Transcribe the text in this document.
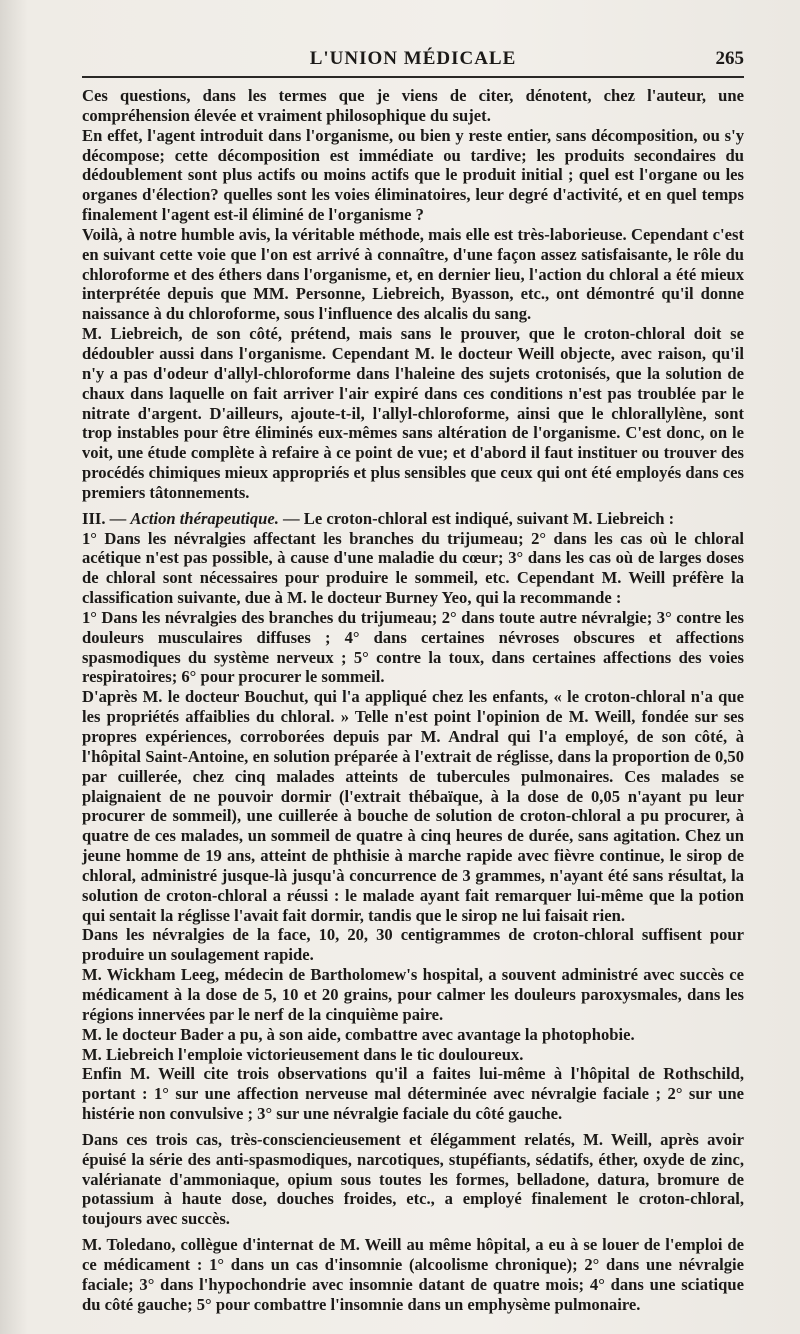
L'UNION MÉDICALE	265

Ces questions, dans les termes que je viens de citer, dénotent, chez l'auteur, une compréhension élevée et vraiment philosophique du sujet.

En effet, l'agent introduit dans l'organisme, ou bien y reste entier, sans décomposition, ou s'y décompose; cette décomposition est immédiate ou tardive; les produits secondaires du dédoublement sont plus actifs ou moins actifs que le produit initial ; quel est l'organe ou les organes d'élection? quelles sont les voies éliminatoires, leur degré d'activité, et en quel temps finalement l'agent est-il éliminé de l'organisme ?

Voilà, à notre humble avis, la véritable méthode, mais elle est très-laborieuse. Cependant c'est en suivant cette voie que l'on est arrivé à connaître, d'une façon assez satisfaisante, le rôle du chloroforme et des éthers dans l'organisme, et, en dernier lieu, l'action du chloral a été mieux interprétée depuis que MM. Personne, Liebreich, Byasson, etc., ont démontré qu'il donne naissance à du chloroforme, sous l'influence des alcalis du sang.

M. Liebreich, de son côté, prétend, mais sans le prouver, que le croton-chloral doit se dédoubler aussi dans l'organisme. Cependant M. le docteur Weill objecte, avec raison, qu'il n'y a pas d'odeur d'allyl-chloroforme dans l'haleine des sujets crotonisés, que la solution de chaux dans laquelle on fait arriver l'air expiré dans ces conditions n'est pas troublée par le nitrate d'argent. D'ailleurs, ajoute-t-il, l'allyl-chloroforme, ainsi que le chlorallylène, sont trop instables pour être éliminés eux-mêmes sans altération de l'organisme. C'est donc, on le voit, une étude complète à refaire à ce point de vue; et d'abord il faut instituer ou trouver des procédés chimiques mieux appropriés et plus sensibles que ceux qui ont été employés dans ces premiers tâtonnements.

III. — Action thérapeutique. — Le croton-chloral est indiqué, suivant M. Liebreich :

1° Dans les névralgies affectant les branches du trijumeau; 2° dans les cas où le chloral acétique n'est pas possible, à cause d'une maladie du cœur; 3° dans les cas où de larges doses de chloral sont nécessaires pour produire le sommeil, etc. Cependant M. Weill préfère la classification suivante, due à M. le docteur Burney Yeo, qui la recommande :

1° Dans les névralgies des branches du trijumeau; 2° dans toute autre névralgie; 3° contre les douleurs musculaires diffuses ; 4° dans certaines névroses obscures et affections spasmodiques du système nerveux ; 5° contre la toux, dans certaines affections des voies respiratoires; 6° pour procurer le sommeil.

D'après M. le docteur Bouchut, qui l'a appliqué chez les enfants, « le croton-chloral n'a que les propriétés affaiblies du chloral. » Telle n'est point l'opinion de M. Weill, fondée sur ses propres expériences, corroborées depuis par M. Andral qui l'a employé, de son côté, à l'hôpital Saint-Antoine, en solution préparée à l'extrait de réglisse, dans la proportion de 0,50 par cuillerée, chez cinq malades atteints de tubercules pulmonaires. Ces malades se plaignaient de ne pouvoir dormir (l'extrait thébaïque, à la dose de 0,05 n'ayant pu leur procurer de sommeil), une cuillerée à bouche de solution de croton-chloral a pu procurer, à quatre de ces malades, un sommeil de quatre à cinq heures de durée, sans agitation. Chez un jeune homme de 19 ans, atteint de phthisie à marche rapide avec fièvre continue, le sirop de chloral, administré jusque-là jusqu'à concurrence de 3 grammes, n'ayant été sans résultat, la solution de croton-chloral a réussi : le malade ayant fait remarquer lui-même que la potion qui sentait la réglisse l'avait fait dormir, tandis que le sirop ne lui faisait rien.

Dans les névralgies de la face, 10, 20, 30 centigrammes de croton-chloral suffisent pour produire un soulagement rapide.

M. Wickham Leeg, médecin de Bartholomew's hospital, a souvent administré avec succès ce médicament à la dose de 5, 10 et 20 grains, pour calmer les douleurs paroxysmales, dans les régions innervées par le nerf de la cinquième paire.

M. le docteur Bader a pu, à son aide, combattre avec avantage la photophobie.

M. Liebreich l'emploie victorieusement dans le tic douloureux.

Enfin M. Weill cite trois observations qu'il a faites lui-même à l'hôpital de Rothschild, portant : 1° sur une affection nerveuse mal déterminée avec névralgie faciale ; 2° sur une histérie non convulsive ; 3° sur une névralgie faciale du côté gauche.

Dans ces trois cas, très-consciencieusement et élégamment relatés, M. Weill, après avoir épuisé la série des anti-spasmodiques, narcotiques, stupéfiants, sédatifs, éther, oxyde de zinc, valérianate d'ammoniaque, opium sous toutes les formes, belladone, datura, bromure de potassium à haute dose, douches froides, etc., a employé finalement le croton-chloral, toujours avec succès.

M. Toledano, collègue d'internat de M. Weill au même hôpital, a eu à se louer de l'emploi de ce médicament : 1° dans un cas d'insomnie (alcoolisme chronique); 2° dans une névralgie faciale; 3° dans l'hypochondrie avec insomnie datant de quatre mois; 4° dans une sciatique du côté gauche; 5° pour combattre l'insomnie dans un emphysème pulmonaire.
